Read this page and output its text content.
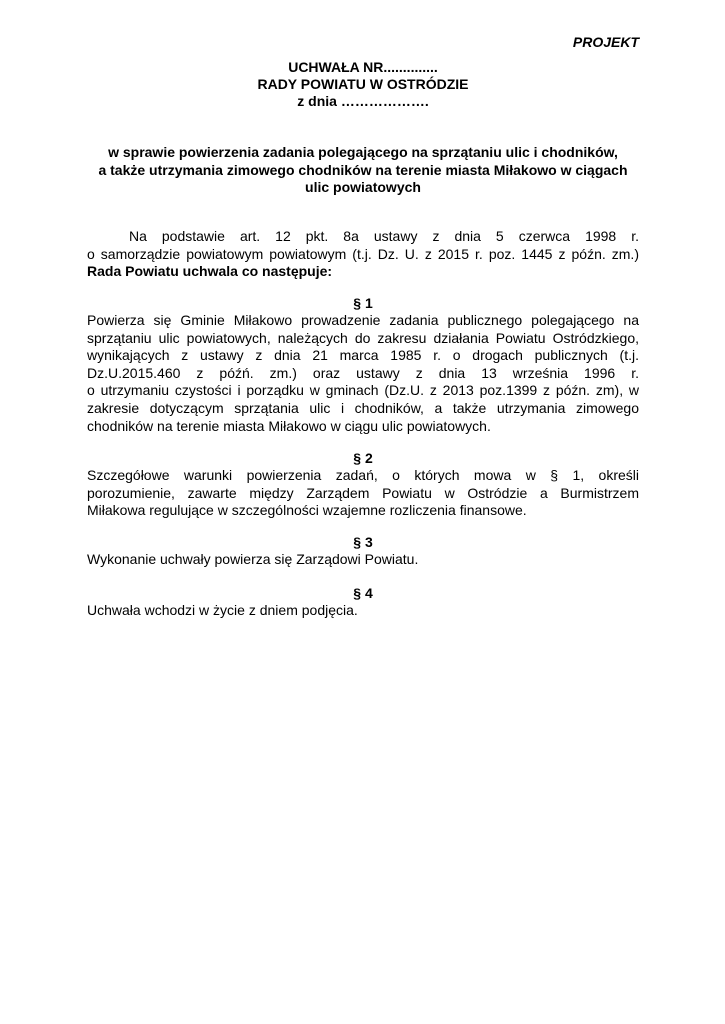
PROJEKT
UCHWAŁA NR..............
RADY POWIATU W OSTRÓDZIE
z dnia ……………….
w sprawie powierzenia zadania polegającego na sprzątaniu ulic i chodników,
a także utrzymania zimowego chodników na terenie miasta Miłakowo w ciągach
ulic powiatowych
Na podstawie art. 12 pkt. 8a ustawy z dnia 5 czerwca 1998 r.
o samorządzie powiatowym powiatowym (t.j. Dz. U. z 2015 r. poz. 1445 z późn. zm.)
Rada Powiatu uchwala co następuje:
§ 1
Powierza się Gminie Miłakowo prowadzenie zadania publicznego polegającego na
sprzątaniu ulic powiatowych, należących do zakresu działania Powiatu Ostródzkiego,
wynikających z ustawy z dnia 21 marca 1985 r. o drogach publicznych (t.j.
Dz.U.2015.460 z późń. zm.) oraz ustawy z dnia 13 września 1996 r.
o utrzymaniu czystości i porządku w gminach (Dz.U. z 2013 poz.1399 z późn. zm), w
zakresie dotyczącym sprzątania ulic i chodników, a także utrzymania zimowego
chodników na terenie miasta Miłakowo w ciągu ulic powiatowych.
§ 2
Szczegółowe warunki powierzenia zadań, o których mowa w § 1, określi
porozumienie, zawarte między Zarządem Powiatu w Ostródzie a Burmistrzem
Miłakowa regulujące w szczególności wzajemne rozliczenia finansowe.
§ 3
Wykonanie uchwały powierza się Zarządowi Powiatu.
§ 4
Uchwała wchodzi w życie z dniem podjęcia.
